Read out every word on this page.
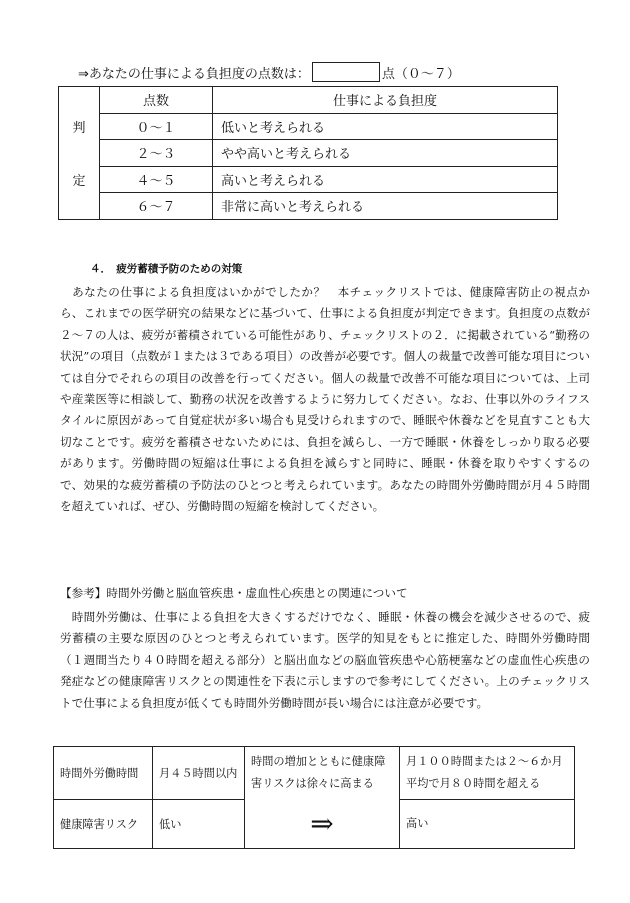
⇒あなたの仕事による負担度の点数は：	点（０～７）
	点数	仕事による負担度
判	０～１	低いと考えられる
	２～３	やや高いと考えられる
定	４～５	高いと考えられる
	６～７	非常に高いと考えられる
４．　疲労蓄積予防のための対策
　あなたの仕事による負担度はいかがでしたか？　本チェックリストでは、健康障害防止の視点から、これまでの医学研究の結果などに基づいて、仕事による負担度が判定できます。負担度の点数が２～７の人は、疲労が蓄積されている可能性があり、チェックリストの２．に掲載されている“勤務の状況”の項目（点数が１または３である項目）の改善が必要です。個人の裁量で改善可能な項目については自分でそれらの項目の改善を行ってください。個人の裁量で改善不可能な項目については、上司や産業医等に相談して、勤務の状況を改善するように努力してください。なお、仕事以外のライフスタイルに原因があって自覚症状が多い場合も見受けられますので、睡眠や休養などを見直すことも大切なことです。疲労を蓄積させないためには、負担を減らし、一方で睡眠・休養をしっかり取る必要があります。労働時間の短縮は仕事による負担を減らすと同時に、睡眠・休養を取りやすくするので、効果的な疲労蓄積の予防法のひとつと考えられています。あなたの時間外労働時間が月４５時間を超えていれば、ぜひ、労働時間の短縮を検討してください。
【参考】時間外労働と脳血管疾患・虚血性心疾患との関連について
　時間外労働は、仕事による負担を大きくするだけでなく、睡眠・休養の機会を減少させるので、疲労蓄積の主要な原因のひとつと考えられています。医学的知見をもとに推定した、時間外労働時間（１週間当たり４０時間を超える部分）と脳出血などの脳血管疾患や心筋梗塞などの虚血性心疾患の発症などの健康障害リスクとの関連性を下表に示しますので参考にしてください。上のチェックリストで仕事による負担度が低くても時間外労働時間が長い場合には注意が必要です。
時間外労働時間	月４５時間以内	時間の増加とともに健康障害リスクは徐々に高まる	月１００時間または２～６か月平均で月８０時間を超える
健康障害リスク	低い	⇒	高い
